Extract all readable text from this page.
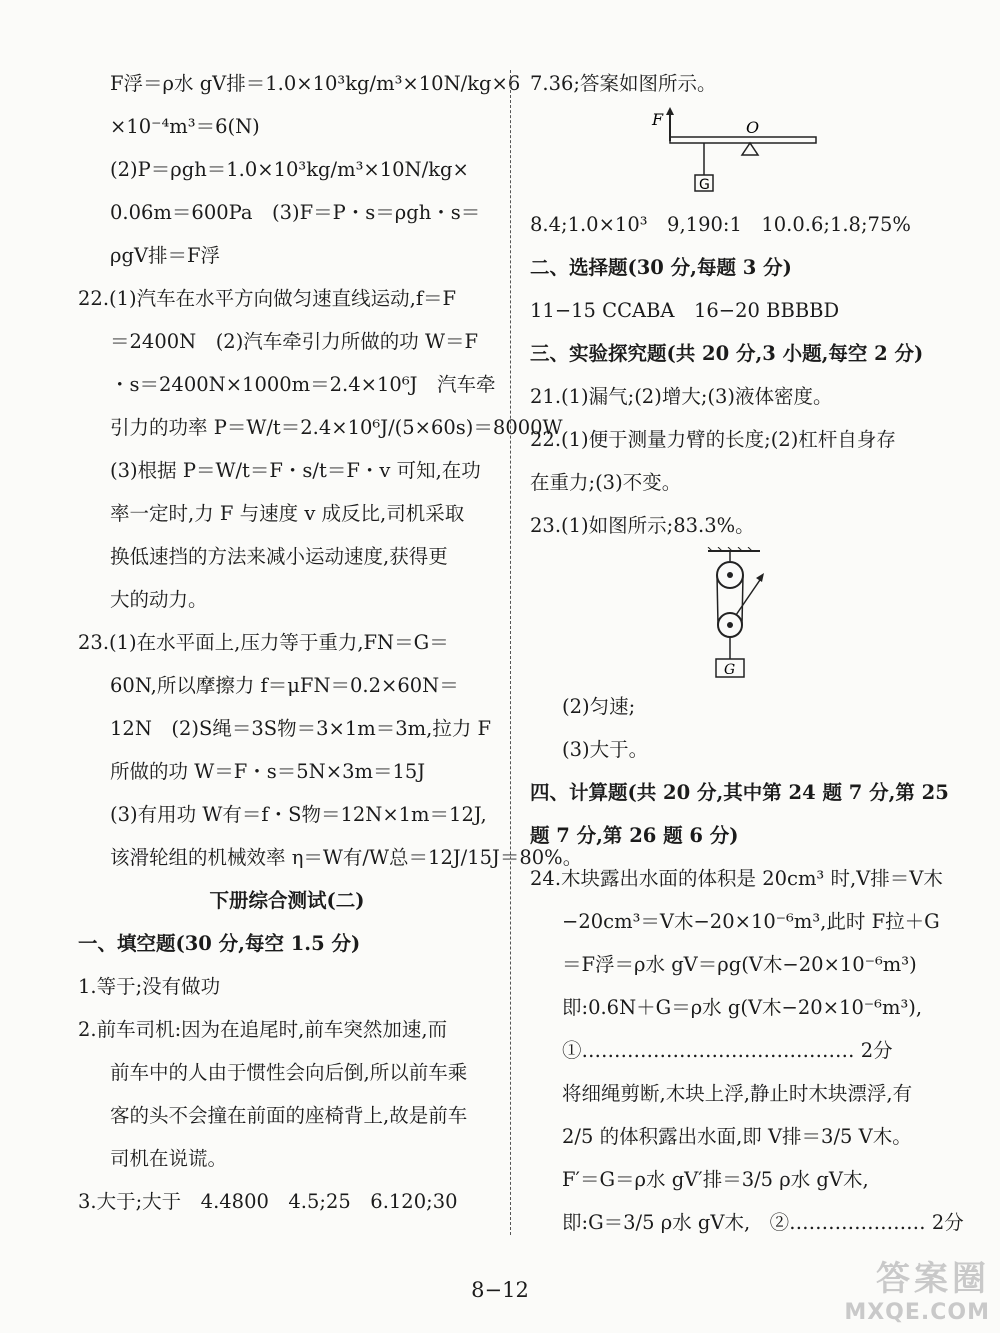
F浮＝ρ水 gV排＝1.0×10³kg/m³×10N/kg×6
×10⁻⁴m³＝6(N)
(2)P＝ρgh＝1.0×10³kg/m³×10N/kg×
0.06m＝600Pa　(3)F＝P・s＝ρgh・s＝
ρgV排＝F浮
22.(1)汽车在水平方向做匀速直线运动,f＝F
＝2400N　(2)汽车牵引力所做的功 W＝F
・s＝2400N×1000m＝2.4×10⁶J　汽车牵
引力的功率 P＝W/t＝2.4×10⁶J/(5×60s)＝8000W
(3)根据 P＝W/t＝F・s/t＝F・v 可知,在功
率一定时,力 F 与速度 v 成反比,司机采取
换低速挡的方法来减小运动速度,获得更
大的动力。
23.(1)在水平面上,压力等于重力,FN＝G＝
60N,所以摩擦力 f＝μFN＝0.2×60N＝
12N　(2)S绳＝3S物＝3×1m＝3m,拉力 F
所做的功 W＝F・s＝5N×3m＝15J
(3)有用功 W有＝f・S物＝12N×1m＝12J,
该滑轮组的机械效率 η＝W有/W总＝12J/15J＝80%。
下册综合测试(二)
一、填空题(30 分,每空 1.5 分)
1.等于;没有做功
2.前车司机:因为在追尾时,前车突然加速,而
前车中的人由于惯性会向后倒,所以前车乘
客的头不会撞在前面的座椅背上,故是前车
司机在说谎。
3.大于;大于　4.4800　4.5;25　6.120;30
7.36;答案如图所示。
F	O
G
8.4;1.0×10³　9,190:1　10.0.6;1.8;75%
二、选择题(30 分,每题 3 分)
11−15 CCABA　16−20 BBBBD
三、实验探究题(共 20 分,3 小题,每空 2 分)
21.(1)漏气;(2)增大;(3)液体密度。
22.(1)便于测量力臂的长度;(2)杠杆自身存
在重力;(3)不变。
23.(1)如图所示;83.3%。
G
(2)匀速;
(3)大于。
四、计算题(共 20 分,其中第 24 题 7 分,第 25
题 7 分,第 26 题 6 分)
24.木块露出水面的体积是 20cm³ 时,V排＝V木
−20cm³＝V木−20×10⁻⁶m³,此时 F拉＋G
＝F浮＝ρ水 gV＝ρg(V木−20×10⁻⁶m³)
即:0.6N＋G＝ρ水 g(V木−20×10⁻⁶m³),
①…………………………………… 2分
将细绳剪断,木块上浮,静止时木块漂浮,有
2/5 的体积露出水面,即 V排＝3/5 V木。
F′＝G＝ρ水 gV′排＝3/5 ρ水 gV木,
即:G＝3/5 ρ水 gV木,　②………………… 2分
8−12	答案圈
MXQE.COM
